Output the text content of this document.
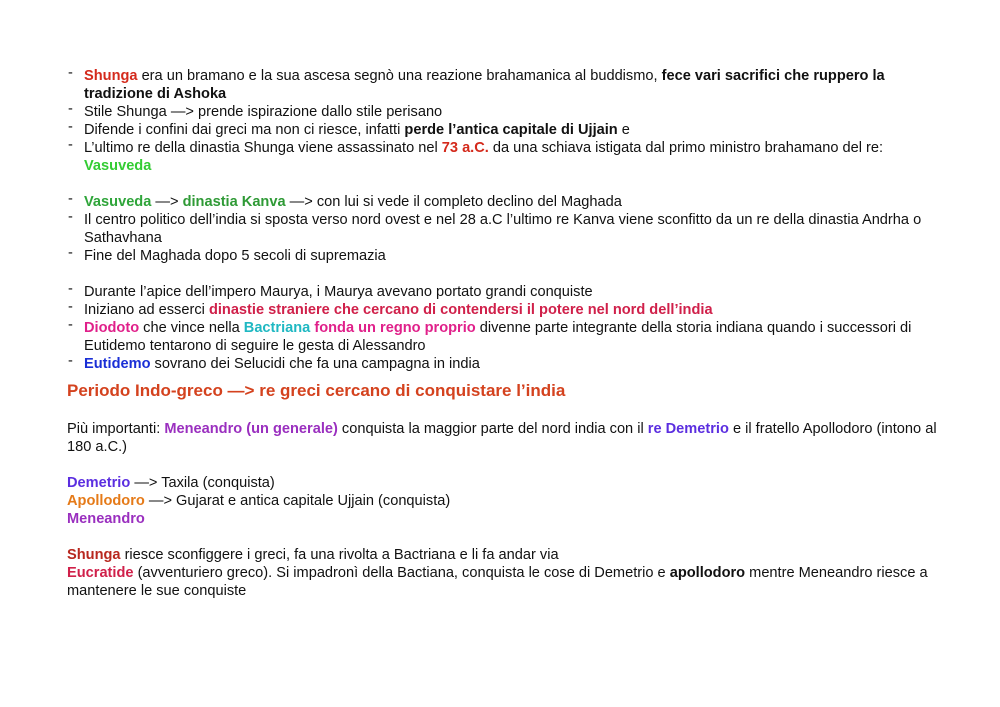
- Shunga era un bramano e la sua ascesa segnò una reazione brahamanica al buddismo, fece vari sacrifici che ruppero la tradizione di Ashoka
- Stile Shunga —> prende ispirazione dallo stile perisano
- Difende i confini dai greci ma non ci riesce, infatti perde l’antica capitale di Ujjain e
- L’ultimo re della dinastia Shunga viene assassinato nel 73 a.C. da una schiava istigata dal primo ministro brahamano del re: Vasuveda
- Vasuveda —> dinastia Kanva —> con lui si vede il completo declino del Maghada
- Il centro politico dell’india si sposta verso nord ovest e nel 28 a.C l’ultimo re Kanva viene sconfitto da un re della dinastia Andrha o Sathavhana
- Fine del Maghada dopo 5 secoli di supremazia
- Durante l’apice dell’impero Maurya, i Maurya avevano portato grandi conquiste
- Iniziano ad esserci dinastie straniere che cercano di contendersi il potere nel nord dell’india
- Diodoto che vince nella Bactriana fonda un regno proprio divenne parte integrante della storia indiana quando i successori di Eutidemo tentarono di seguire le gesta di Alessandro
- Eutidemo sovrano dei Selucidi che fa una campagna in india

Periodo Indo-greco —> re greci cercano di conquistare l’india

Più importanti: Meneandro (un generale) conquista la maggior parte del nord india con il re Demetrio e il fratello Apollodoro (intono al 180 a.C.)

Demetrio —> Taxila (conquista)

Apollodoro —> Gujarat e antica capitale Ujjain (conquista)

Meneandro

Shunga riesce sconfiggere i greci, fa una rivolta a Bactriana e li fa andar via

Eucratide (avventuriero greco). Si impadronì della Bactiana, conquista le cose di Demetrio e apollodoro mentre Meneandro riesce a mantenere le sue conquiste
